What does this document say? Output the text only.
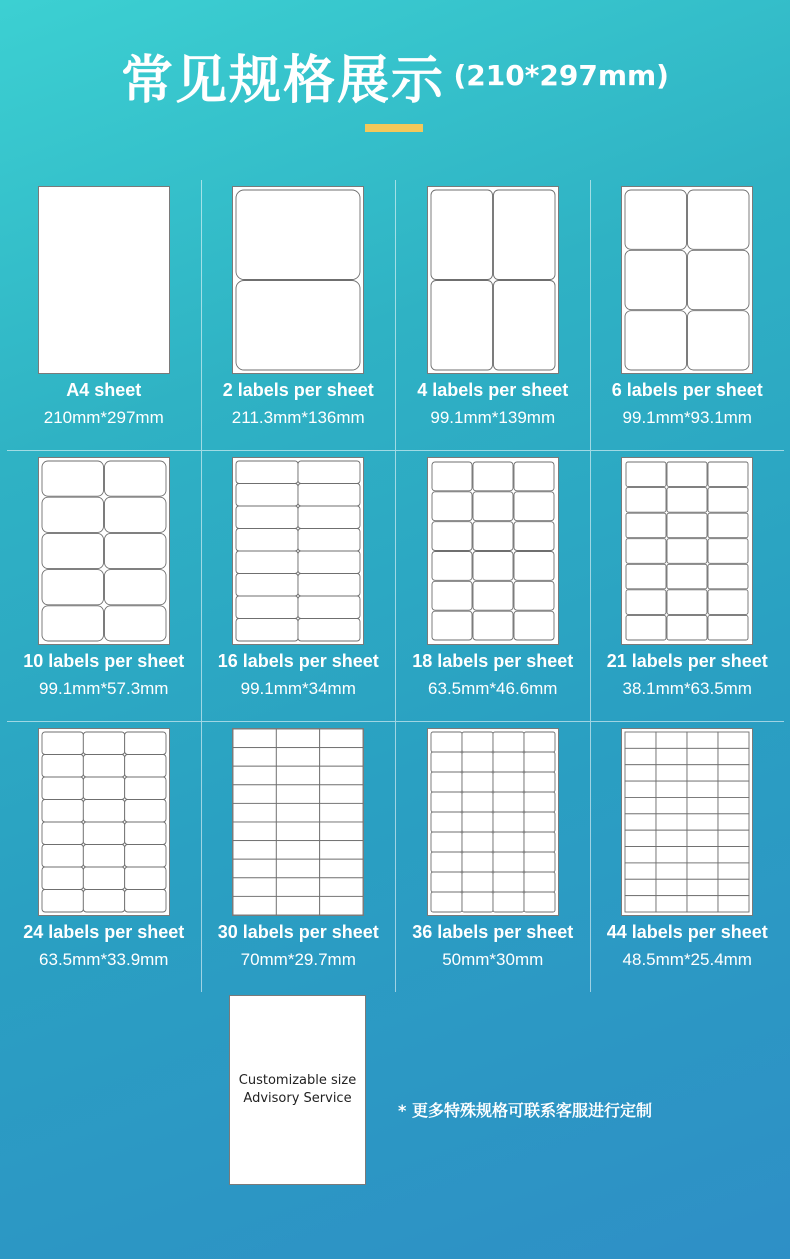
常见规格展示 (210*297mm)
A4 sheet
210mm*297mm
2 labels per sheet
211.3mm*136mm
4 labels per sheet
99.1mm*139mm
6 labels per sheet
99.1mm*93.1mm
10 labels per sheet
99.1mm*57.3mm
16 labels per sheet
99.1mm*34mm
18 labels per sheet
63.5mm*46.6mm
21 labels per sheet
38.1mm*63.5mm
24 labels per sheet
63.5mm*33.9mm
30 labels per sheet
70mm*29.7mm
36 labels per sheet
50mm*30mm
44 labels per sheet
48.5mm*25.4mm
Customizable size
Advisory Service
* 更多特殊规格可联系客服进行定制
